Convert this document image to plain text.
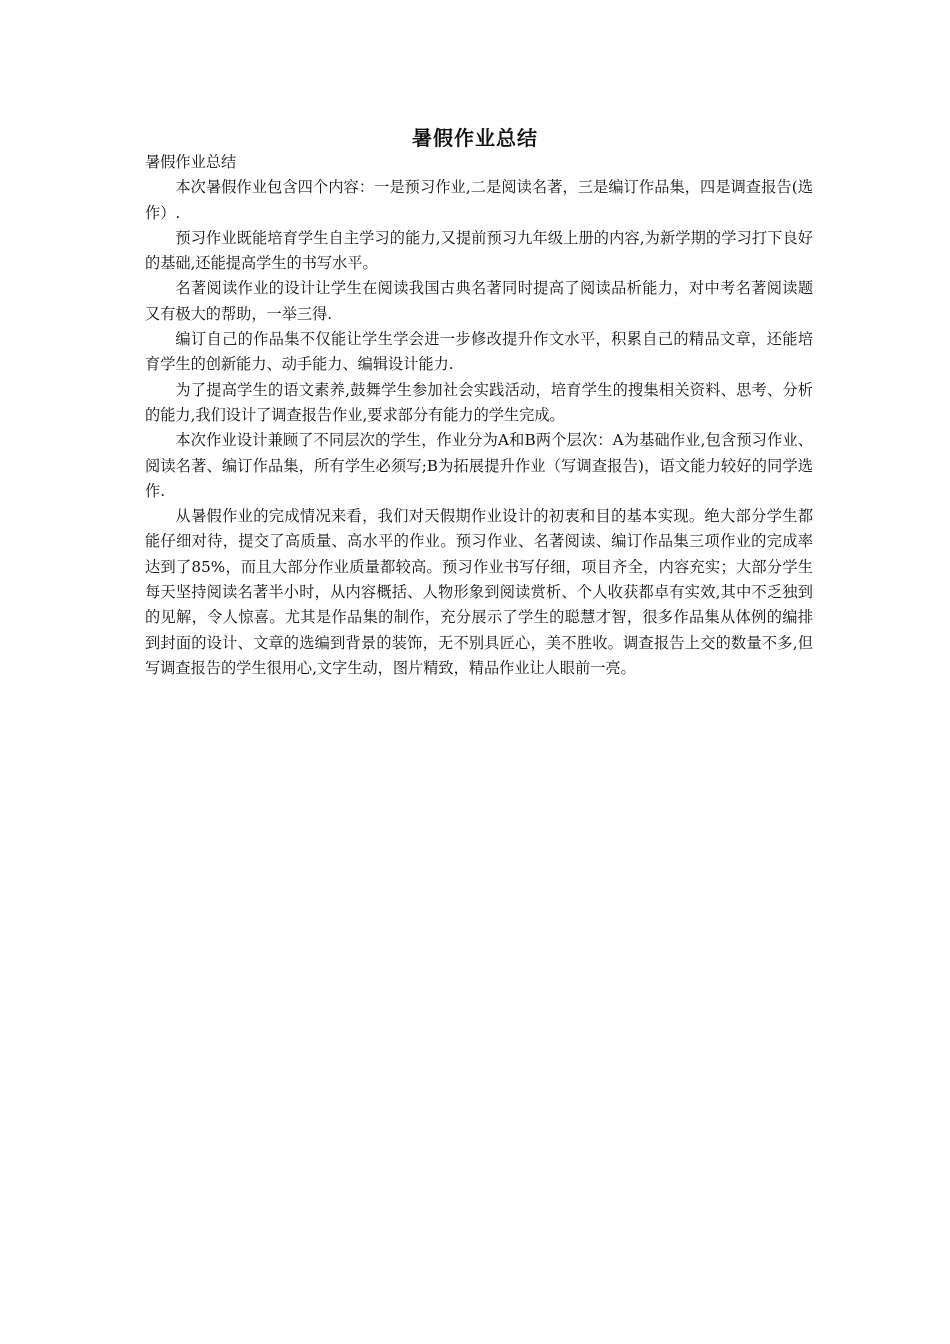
暑假作业总结

暑假作业总结

本次暑假作业包含四个内容：一是预习作业,二是阅读名著，三是编订作品集，四是调查报告(选作）.

预习作业既能培育学生自主学习的能力,又提前预习九年级上册的内容,为新学期的学习打下良好的基础,还能提高学生的书写水平。

名著阅读作业的设计让学生在阅读我国古典名著同时提高了阅读品析能力，对中考名著阅读题又有极大的帮助，一举三得.

编订自己的作品集不仅能让学生学会进一步修改提升作文水平，积累自己的精品文章，还能培育学生的创新能力、动手能力、编辑设计能力.

为了提高学生的语文素养,鼓舞学生参加社会实践活动，培育学生的搜集相关资料、思考、分析的能力,我们设计了调查报告作业,要求部分有能力的学生完成。

本次作业设计兼顾了不同层次的学生，作业分为A和B两个层次：A为基础作业,包含预习作业、阅读名著、编订作品集，所有学生必须写;B为拓展提升作业（写调查报告)，语文能力较好的同学选作.

从暑假作业的完成情况来看，我们对天假期作业设计的初衷和目的基本实现。绝大部分学生都能仔细对待，提交了高质量、高水平的作业。预习作业、名著阅读、编订作品集三项作业的完成率达到了85%，而且大部分作业质量都较高。预习作业书写仔细，项目齐全，内容充实；大部分学生每天坚持阅读名著半小时，从内容概括、人物形象到阅读赏析、个人收获都卓有实效,其中不乏独到的见解，令人惊喜。尤其是作品集的制作，充分展示了学生的聪慧才智，很多作品集从体例的编排到封面的设计、文章的选编到背景的装饰，无不别具匠心，美不胜收。调查报告上交的数量不多,但写调查报告的学生很用心,文字生动，图片精致，精品作业让人眼前一亮。
